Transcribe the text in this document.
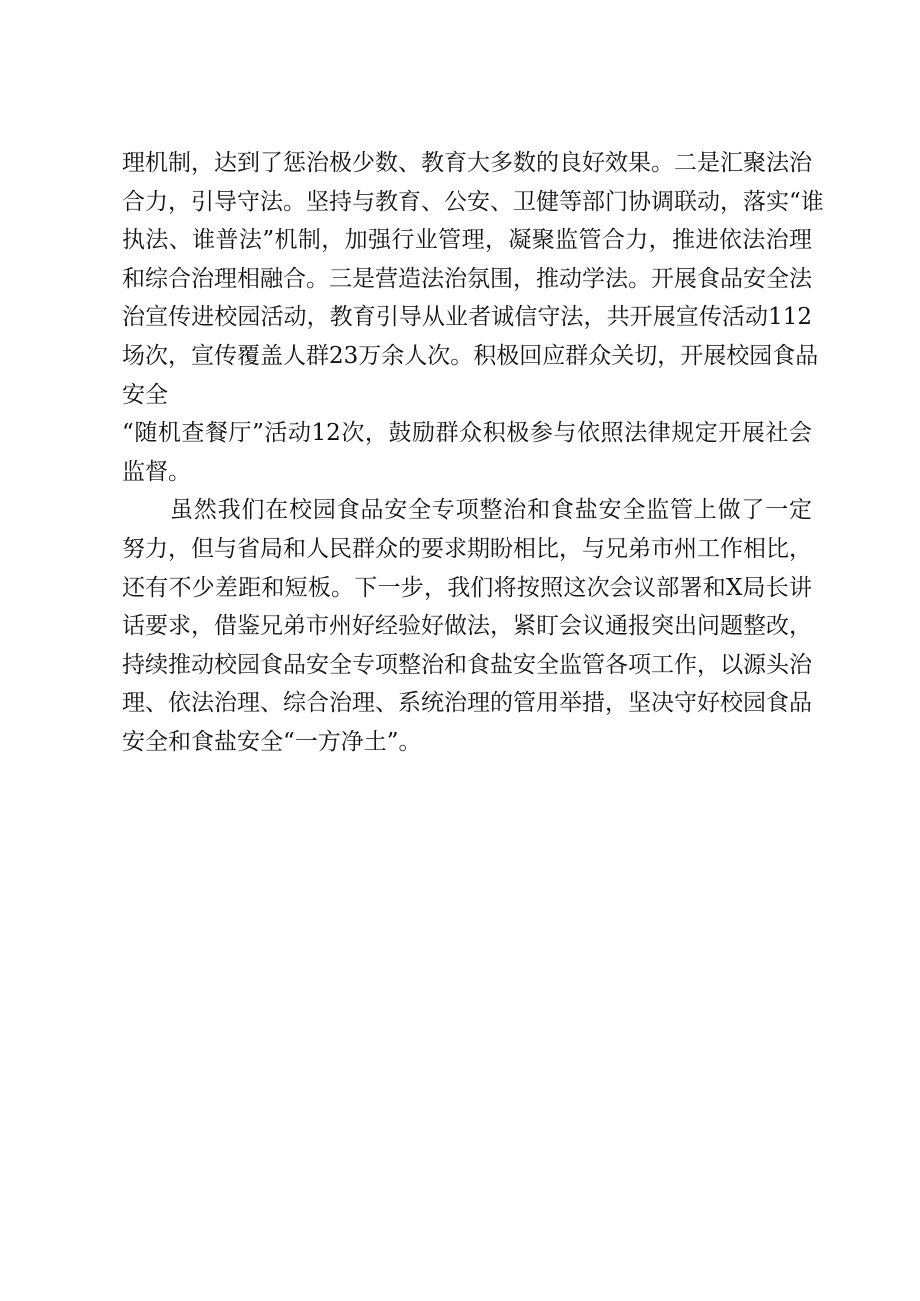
理机制，达到了惩治极少数、教育大多数的良好效果。二是汇聚法治
合力，引导守法。坚持与教育、公安、卫健等部门协调联动，落实“谁
执法、谁普法”机制，加强行业管理，凝聚监管合力，推进依法治理
和综合治理相融合。三是营造法治氛围，推动学法。开展食品安全法
治宣传进校园活动，教育引导从业者诚信守法，共开展宣传活动112
场次，宣传覆盖人群23万余人次。积极回应群众关切，开展校园食品
安全
“随机查餐厅”活动12次，鼓励群众积极参与依照法律规定开展社会
监督。
虽然我们在校园食品安全专项整治和食盐安全监管上做了一定
努力，但与省局和人民群众的要求期盼相比，与兄弟市州工作相比，
还有不少差距和短板。下一步，我们将按照这次会议部署和X局长讲
话要求，借鉴兄弟市州好经验好做法，紧盯会议通报突出问题整改，
持续推动校园食品安全专项整治和食盐安全监管各项工作，以源头治
理、依法治理、综合治理、系统治理的管用举措，坚决守好校园食品
安全和食盐安全“一方净土”。
